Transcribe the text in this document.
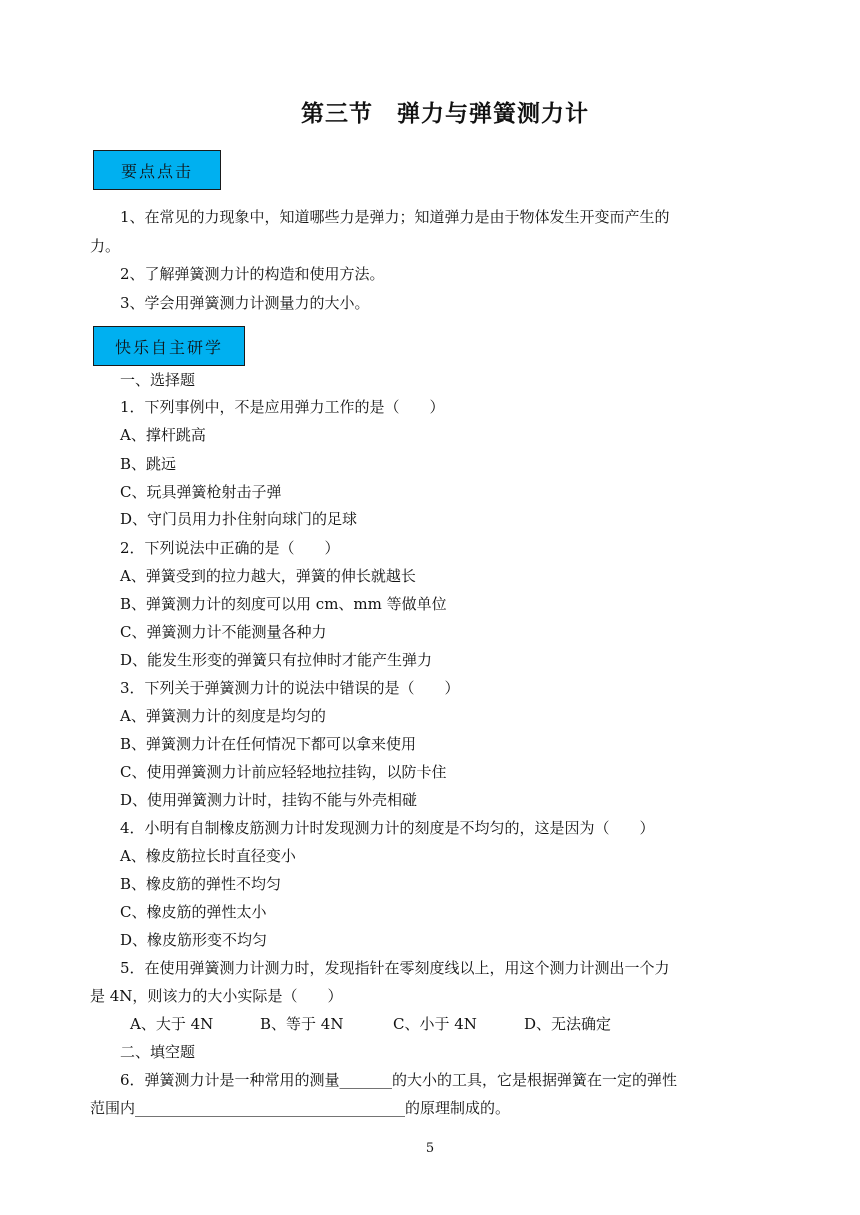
第三节　弹力与弹簧测力计
要点点击
1、在常见的力现象中，知道哪些力是弹力；知道弹力是由于物体发生开变而产生的
力。
2、了解弹簧测力计的构造和使用方法。
3、学会用弹簧测力计测量力的大小。
快乐自主研学
一、选择题
1．下列事例中，不是应用弹力工作的是（　　）
A、撑杆跳高
B、跳远
C、玩具弹簧枪射击子弹
D、守门员用力扑住射向球门的足球
2．下列说法中正确的是（　　）
A、弹簧受到的拉力越大，弹簧的伸长就越长
B、弹簧测力计的刻度可以用 cm、mm 等做单位
C、弹簧测力计不能测量各种力
D、能发生形变的弹簧只有拉伸时才能产生弹力
3．下列关于弹簧测力计的说法中错误的是（　　）
A、弹簧测力计的刻度是均匀的
B、弹簧测力计在任何情况下都可以拿来使用
C、使用弹簧测力计前应轻轻地拉挂钩，以防卡住
D、使用弹簧测力计时，挂钩不能与外壳相碰
4．小明有自制橡皮筋测力计时发现测力计的刻度是不均匀的，这是因为（　　）
A、橡皮筋拉长时直径变小
B、橡皮筋的弹性不均匀
C、橡皮筋的弹性太小
D、橡皮筋形变不均匀
5．在使用弹簧测力计测力时，发现指针在零刻度线以上，用这个测力计测出一个力
是 4N，则该力的大小实际是（　　）
A、大于 4N	B、等于 4N	C、小于 4N	D、无法确定
二、填空题
6．弹簧测力计是一种常用的测量_______的大小的工具，它是根据弹簧在一定的弹性
范围内____________________________________的原理制成的。
5
